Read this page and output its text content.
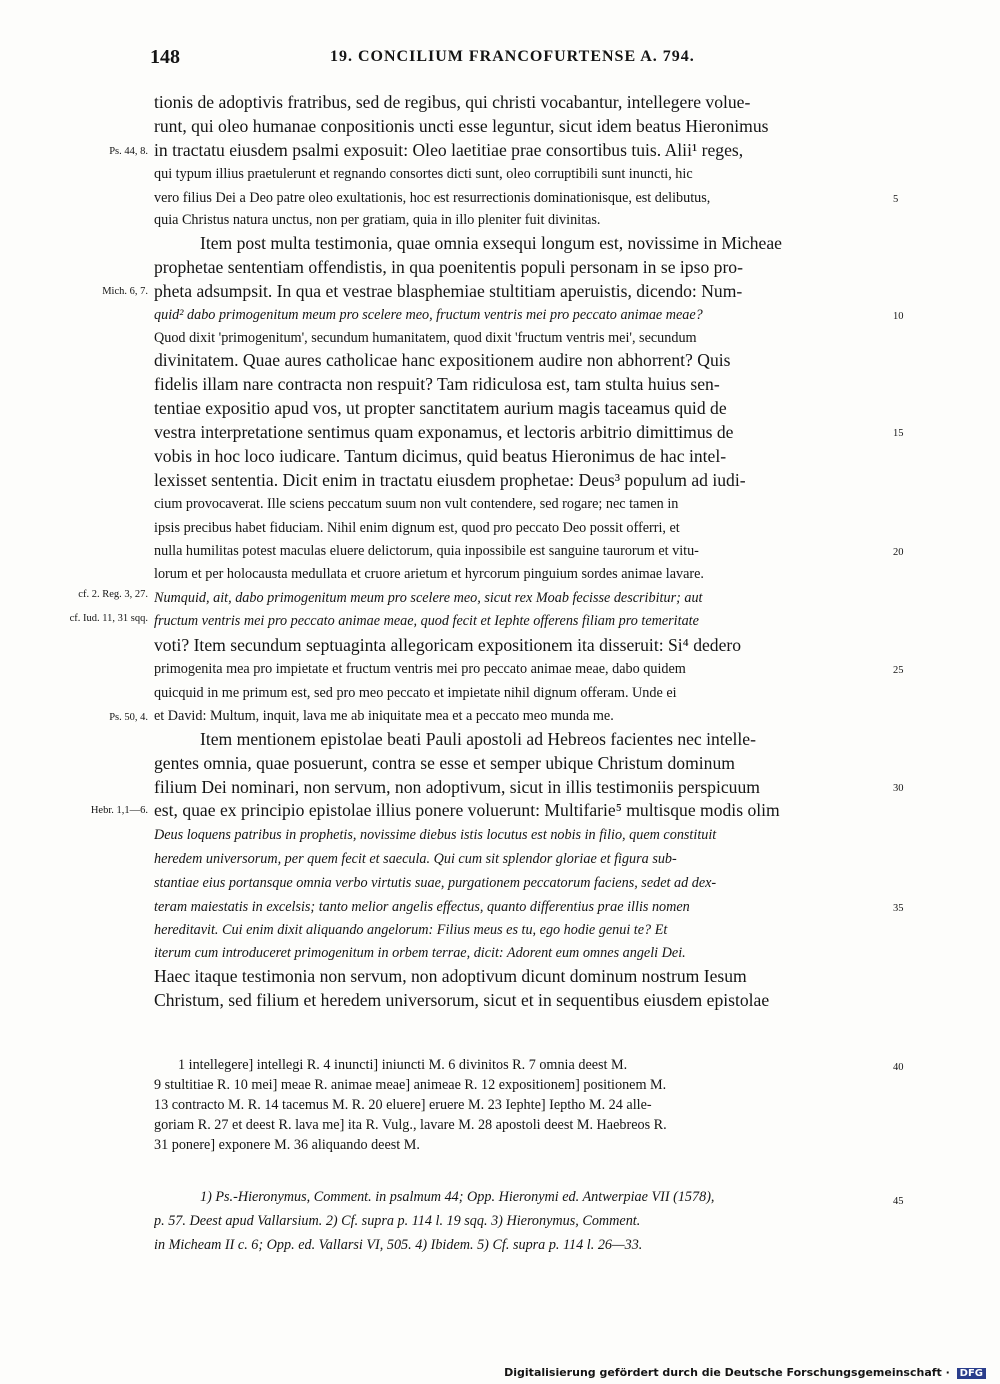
148	19. CONCILIUM FRANCOFURTENSE A. 794.
tionis de adoptivis fratribus, sed de regibus, qui christi vocabantur, intellegere volue-
runt, qui oleo humanae conpositionis uncti esse leguntur, sicut idem beatus Hieronimus
in tractatu eiusdem psalmi exposuit: Oleo laetitiae prae consortibus tuis. Alii¹ reges,
qui typum illius praetulerunt et regnando consortes dicti sunt, oleo corruptibili sunt inuncti, hic
vero filius Dei a Deo patre oleo exultationis, hoc est resurrectionis dominationisque, est delibutus,
quia Christus natura unctus, non per gratiam, quia in illo pleniter fuit divinitas.
Item post multa testimonia, quae omnia exsequi longum est, novissime in Micheae
prophetae sententiam offendistis, in qua poenitentis populi personam in se ipso pro-
pheta adsumpsit. In qua et vestrae blasphemiae stultitiam aperuistis, dicendo: Num-
quid² dabo primogenitum meum pro scelere meo, fructum ventris mei pro peccato animae meae?
Quod dixit 'primogenitum', secundum humanitatem, quod dixit 'fructum ventris mei', secundum
divinitatem. Quae aures catholicae hanc expositionem audire non abhorrent? Quis
fidelis illam nare contracta non respuit? Tam ridiculosa est, tam stulta huius sen-
tentiae expositio apud vos, ut propter sanctitatem aurium magis taceamus quid de
vestra interpretatione sentimus quam exponamus, et lectoris arbitrio dimittimus de
vobis in hoc loco iudicare. Tantum dicimus, quid beatus Hieronimus de hac intel-
lexisset sententia. Dicit enim in tractatu eiusdem prophetae: Deus³ populum ad iudi-
cium provocaverat. Ille sciens peccatum suum non vult contendere, sed rogare; nec tamen in
ipsis precibus habet fiduciam. Nihil enim dignum est, quod pro peccato Deo possit offerri, et
nulla humilitas potest maculas eluere delictorum, quia inpossibile est sanguine taurorum et vitu-
lorum et per holocausta medullata et cruore arietum et hyrcorum pinguium sordes animae lavare.
Numquid, ait, dabo primogenitum meum pro scelere meo, sicut rex Moab fecisse describitur; aut
fructum ventris mei pro peccato animae meae, quod fecit et Iephte offerens filiam pro temeritate
voti? Item secundum septuaginta allegoricam expositionem ita disseruit: Si⁴ dedero
primogenita mea pro impietate et fructum ventris mei pro peccato animae meae, dabo quidem
quicquid in me primum est, sed pro meo peccato et impietate nihil dignum offeram. Unde ei
et David: Multum, inquit, lava me ab iniquitate mea et a peccato meo munda me.
Item mentionem epistolae beati Pauli apostoli ad Hebreos facientes nec intelle-
gentes omnia, quae posuerunt, contra se esse et semper ubique Christum dominum
filium Dei nominari, non servum, non adoptivum, sicut in illis testimoniis perspicuum
est, quae ex principio epistolae illius ponere voluerunt: Multifarie⁵ multisque modis olim
Deus loquens patribus in prophetis, novissime diebus istis locutus est nobis in filio, quem constituit
heredem universorum, per quem fecit et saecula. Qui cum sit splendor gloriae et figura sub-
stantiae eius portansque omnia verbo virtutis suae, purgationem peccatorum faciens, sedet ad dex-
teram maiestatis in excelsis; tanto melior angelis effectus, quanto differentius prae illis nomen
hereditavit. Cui enim dixit aliquando angelorum: Filius meus es tu, ego hodie genui te? Et
iterum cum introduceret primogenitum in orbem terrae, dicit: Adorent eum omnes angeli Dei.
Haec itaque testimonia non servum, non adoptivum dicunt dominum nostrum Iesum
Christum, sed filium et heredem universorum, sicut et in sequentibus eiusdem epistolae
Ps. 44, 8.
Mich. 6, 7.
cf. 2. Reg. 3, 27.
cf. Iud. 11, 31 sqq.
Ps. 50, 4.
Hebr. 1,1—6.
5
10
15
20
25
30
35
40
45
1 intellegere] intellegi R. 4 inuncti] iniuncti M. 6 divinitos R. 7 omnia deest M.
9 stultitiae R. 10 mei] meae R. animae meae] animeae R. 12 expositionem] positionem M.
13 contracto M. R. 14 tacemus M. R. 20 eluere] eruere M. 23 Iephte] Ieptho M. 24 alle-
goriam R. 27 et deest R. lava me] ita R. Vulg., lavare M. 28 apostoli deest M. Haebreos R.
31 ponere] exponere M. 36 aliquando deest M.
1) Ps.-Hieronymus, Comment. in psalmum 44; Opp. Hieronymi ed. Antwerpiae VII (1578),
p. 57. Deest apud Vallarsium. 2) Cf. supra p. 114 l. 19 sqq. 3) Hieronymus, Comment.
in Micheam II c. 6; Opp. ed. Vallarsi VI, 505. 4) Ibidem. 5) Cf. supra p. 114 l. 26—33.
Digitalisierung gefördert durch die Deutsche Forschungsgemeinschaft · DFG
